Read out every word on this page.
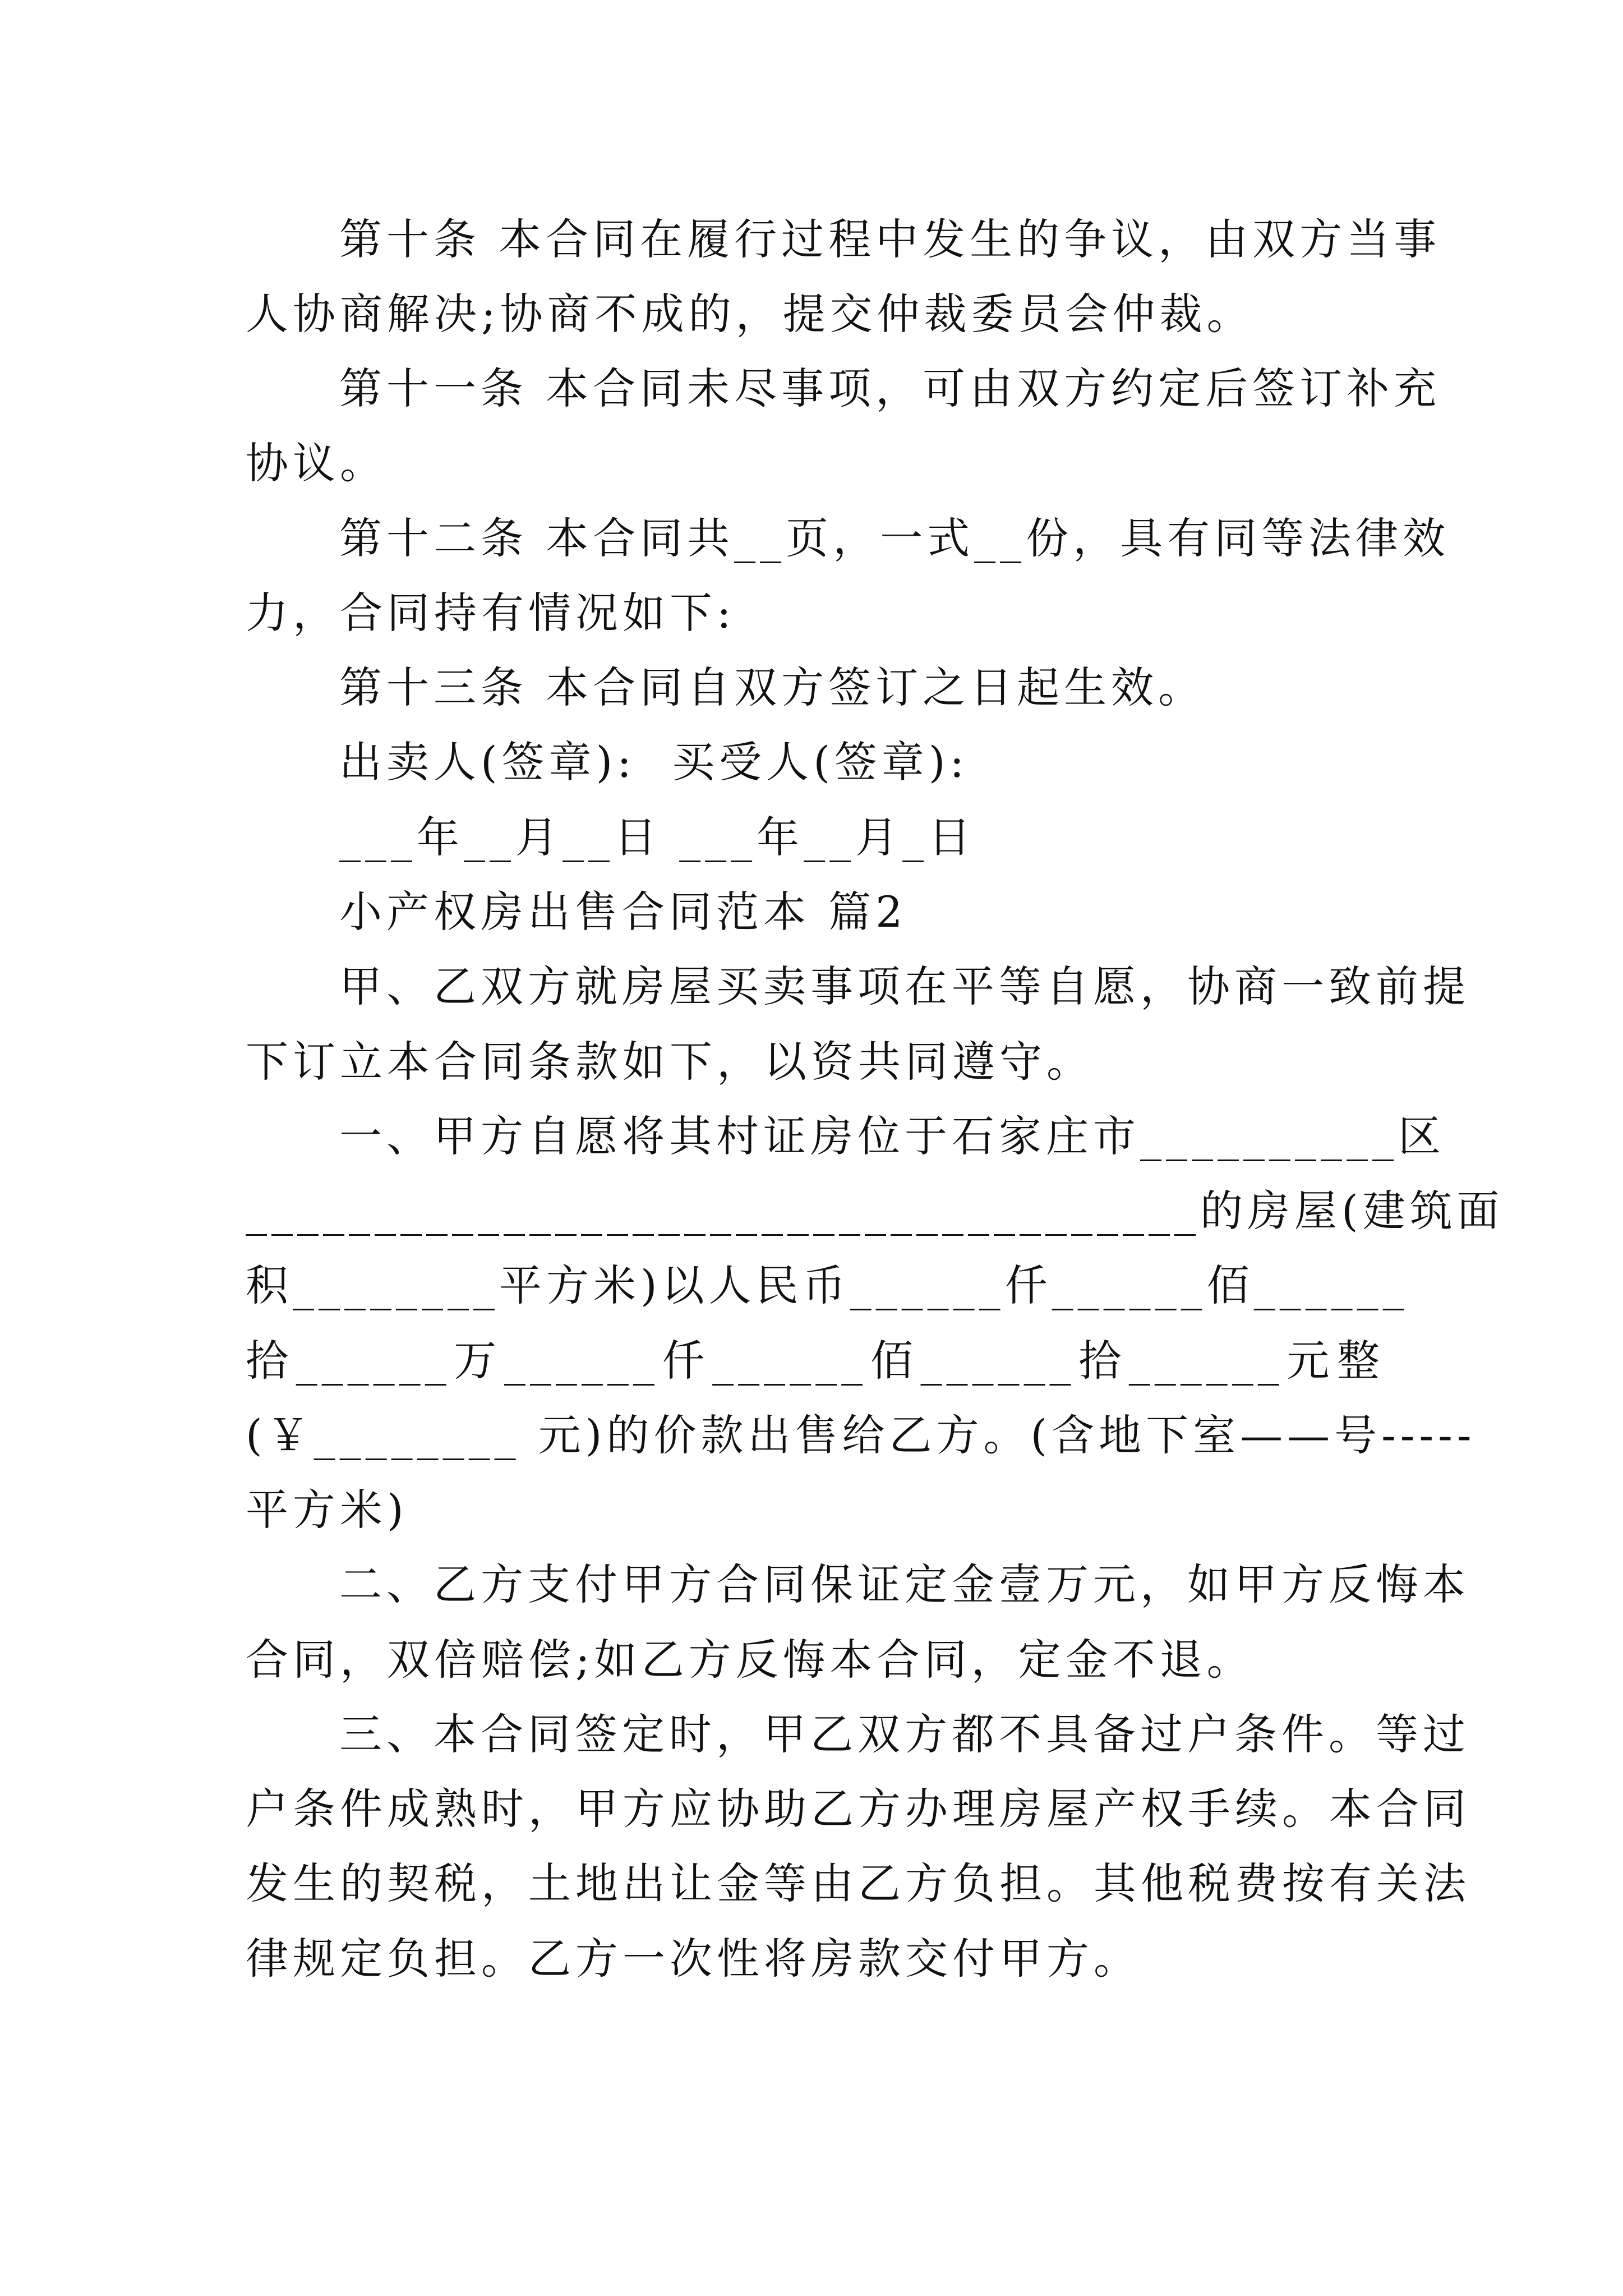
第十条 本合同在履行过程中发生的争议，由双方当事
人协商解决;协商不成的，提交仲裁委员会仲裁。
第十一条 本合同未尽事项，可由双方约定后签订补充
协议。
第十二条 本合同共__页，一式__份，具有同等法律效
力，合同持有情况如下:
第十三条 本合同自双方签订之日起生效。
出卖人(签章):  买受人(签章):
___年__月__日 ___年__月_日
小产权房出售合同范本 篇2
甲、乙双方就房屋买卖事项在平等自愿，协商一致前提
下订立本合同条款如下，以资共同遵守。
一、甲方自愿将其村证房位于石家庄市__________区
_____________________________________的房屋(建筑面
积________平方米)以人民币______仟______佰______
拾______万______仟______佰______拾______元整
(￥________ 元)的价款出售给乙方。(含地下室——号-----
平方米)
二、乙方支付甲方合同保证定金壹万元，如甲方反悔本
合同，双倍赔偿;如乙方反悔本合同，定金不退。
三、本合同签定时，甲乙双方都不具备过户条件。等过
户条件成熟时，甲方应协助乙方办理房屋产权手续。本合同
发生的契税，土地出让金等由乙方负担。其他税费按有关法
律规定负担。乙方一次性将房款交付甲方。
